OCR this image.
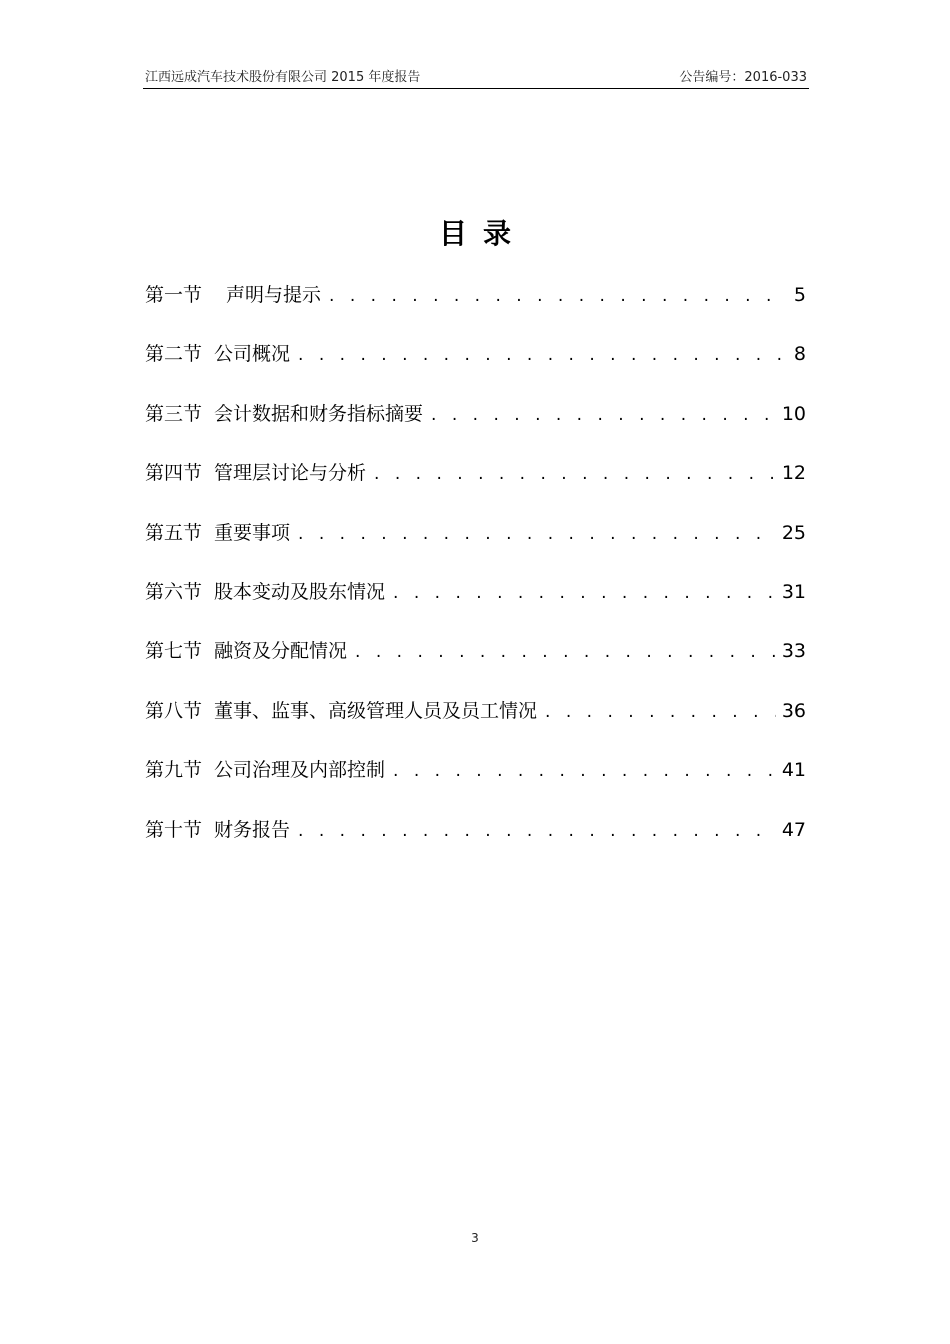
江西远成汽车技术股份有限公司 2015 年度报告	公告编号：2016-033
目录
第一节 声明与提示 . . .	5
第二节 公司概况 . . .	8
第三节 会计数据和财务指标摘要 . . .	10
第四节 管理层讨论与分析 . . .	12
第五节 重要事项 . . .	25
第六节 股本变动及股东情况 . . .	31
第七节 融资及分配情况 . . .	33
第八节 董事、监事、高级管理人员及员工情况 . . .	36
第九节 公司治理及内部控制 . . .	41
第十节 财务报告 . . .	47
3
